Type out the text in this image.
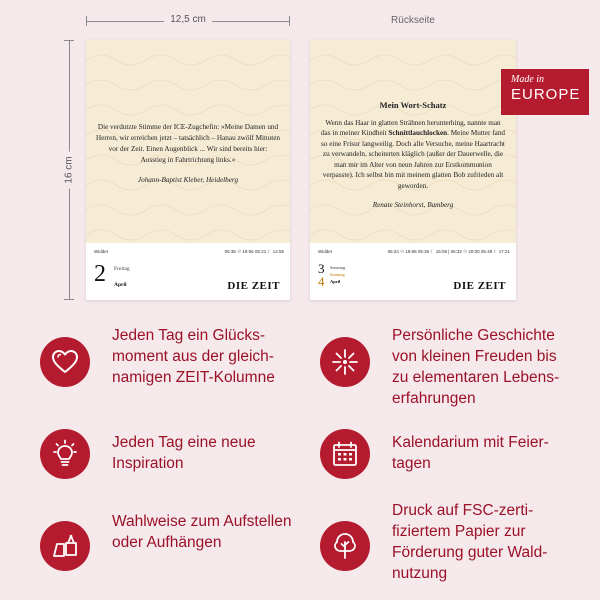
12,5 cm
16 cm
Rückseite
Die verdutzte Stimme der ICE-Zugchefin: »Meine Damen und Herren, wir erreichen jetzt – tatsächlich – Hanau zwölf Minuten vor der Zeit. Einen Augenblick ... Wir sind bereits hier: Ausstieg in Fahrtrichtung links.«
Johann-Baptist Kleber, Heidelberg
Widder	06:36 ☉ 19:56 05:21 ☾ 14:55
2 Freitag
April	DIE ZEIT
Mein Wort-Schatz
Wenn das Haar in glatten Strähnen herunterhing, nannte man das in meiner Kindheit Schnittlauchlocken. Meine Mutter fand so eine Frisur langweilig. Doch alle Versuche, meine Haartracht zu verwandeln, scheiterten kläglich (außer der Dauerwelle, die man mir im Alter von neun Jahren zur Erstkommunion verpasste). Ich selbst bin mit meinem glatten Bob zufrieden alt geworden.
Renate Steinhorst, Bamberg
Widder	06:34 ☉ 19:58 05:36 ☾ 16:08 | 06:32 ☉ 20:00 05:49 ☾ 17:21
3 Samstag
4 Sonntag
April	DIE ZEIT
Made in
EUROPE
Jeden Tag ein Glücks-moment aus der gleich-namigen ZEIT-Kolumne
Persönliche Geschichte von kleinen Freuden bis zu elementaren Lebens-erfahrungen
Jeden Tag eine neue Inspiration
Kalendarium mit Feier-tagen
Wahlweise zum Aufstellen oder Aufhängen
Druck auf FSC-zerti-fiziertem Papier zur Förderung guter Wald-nutzung
